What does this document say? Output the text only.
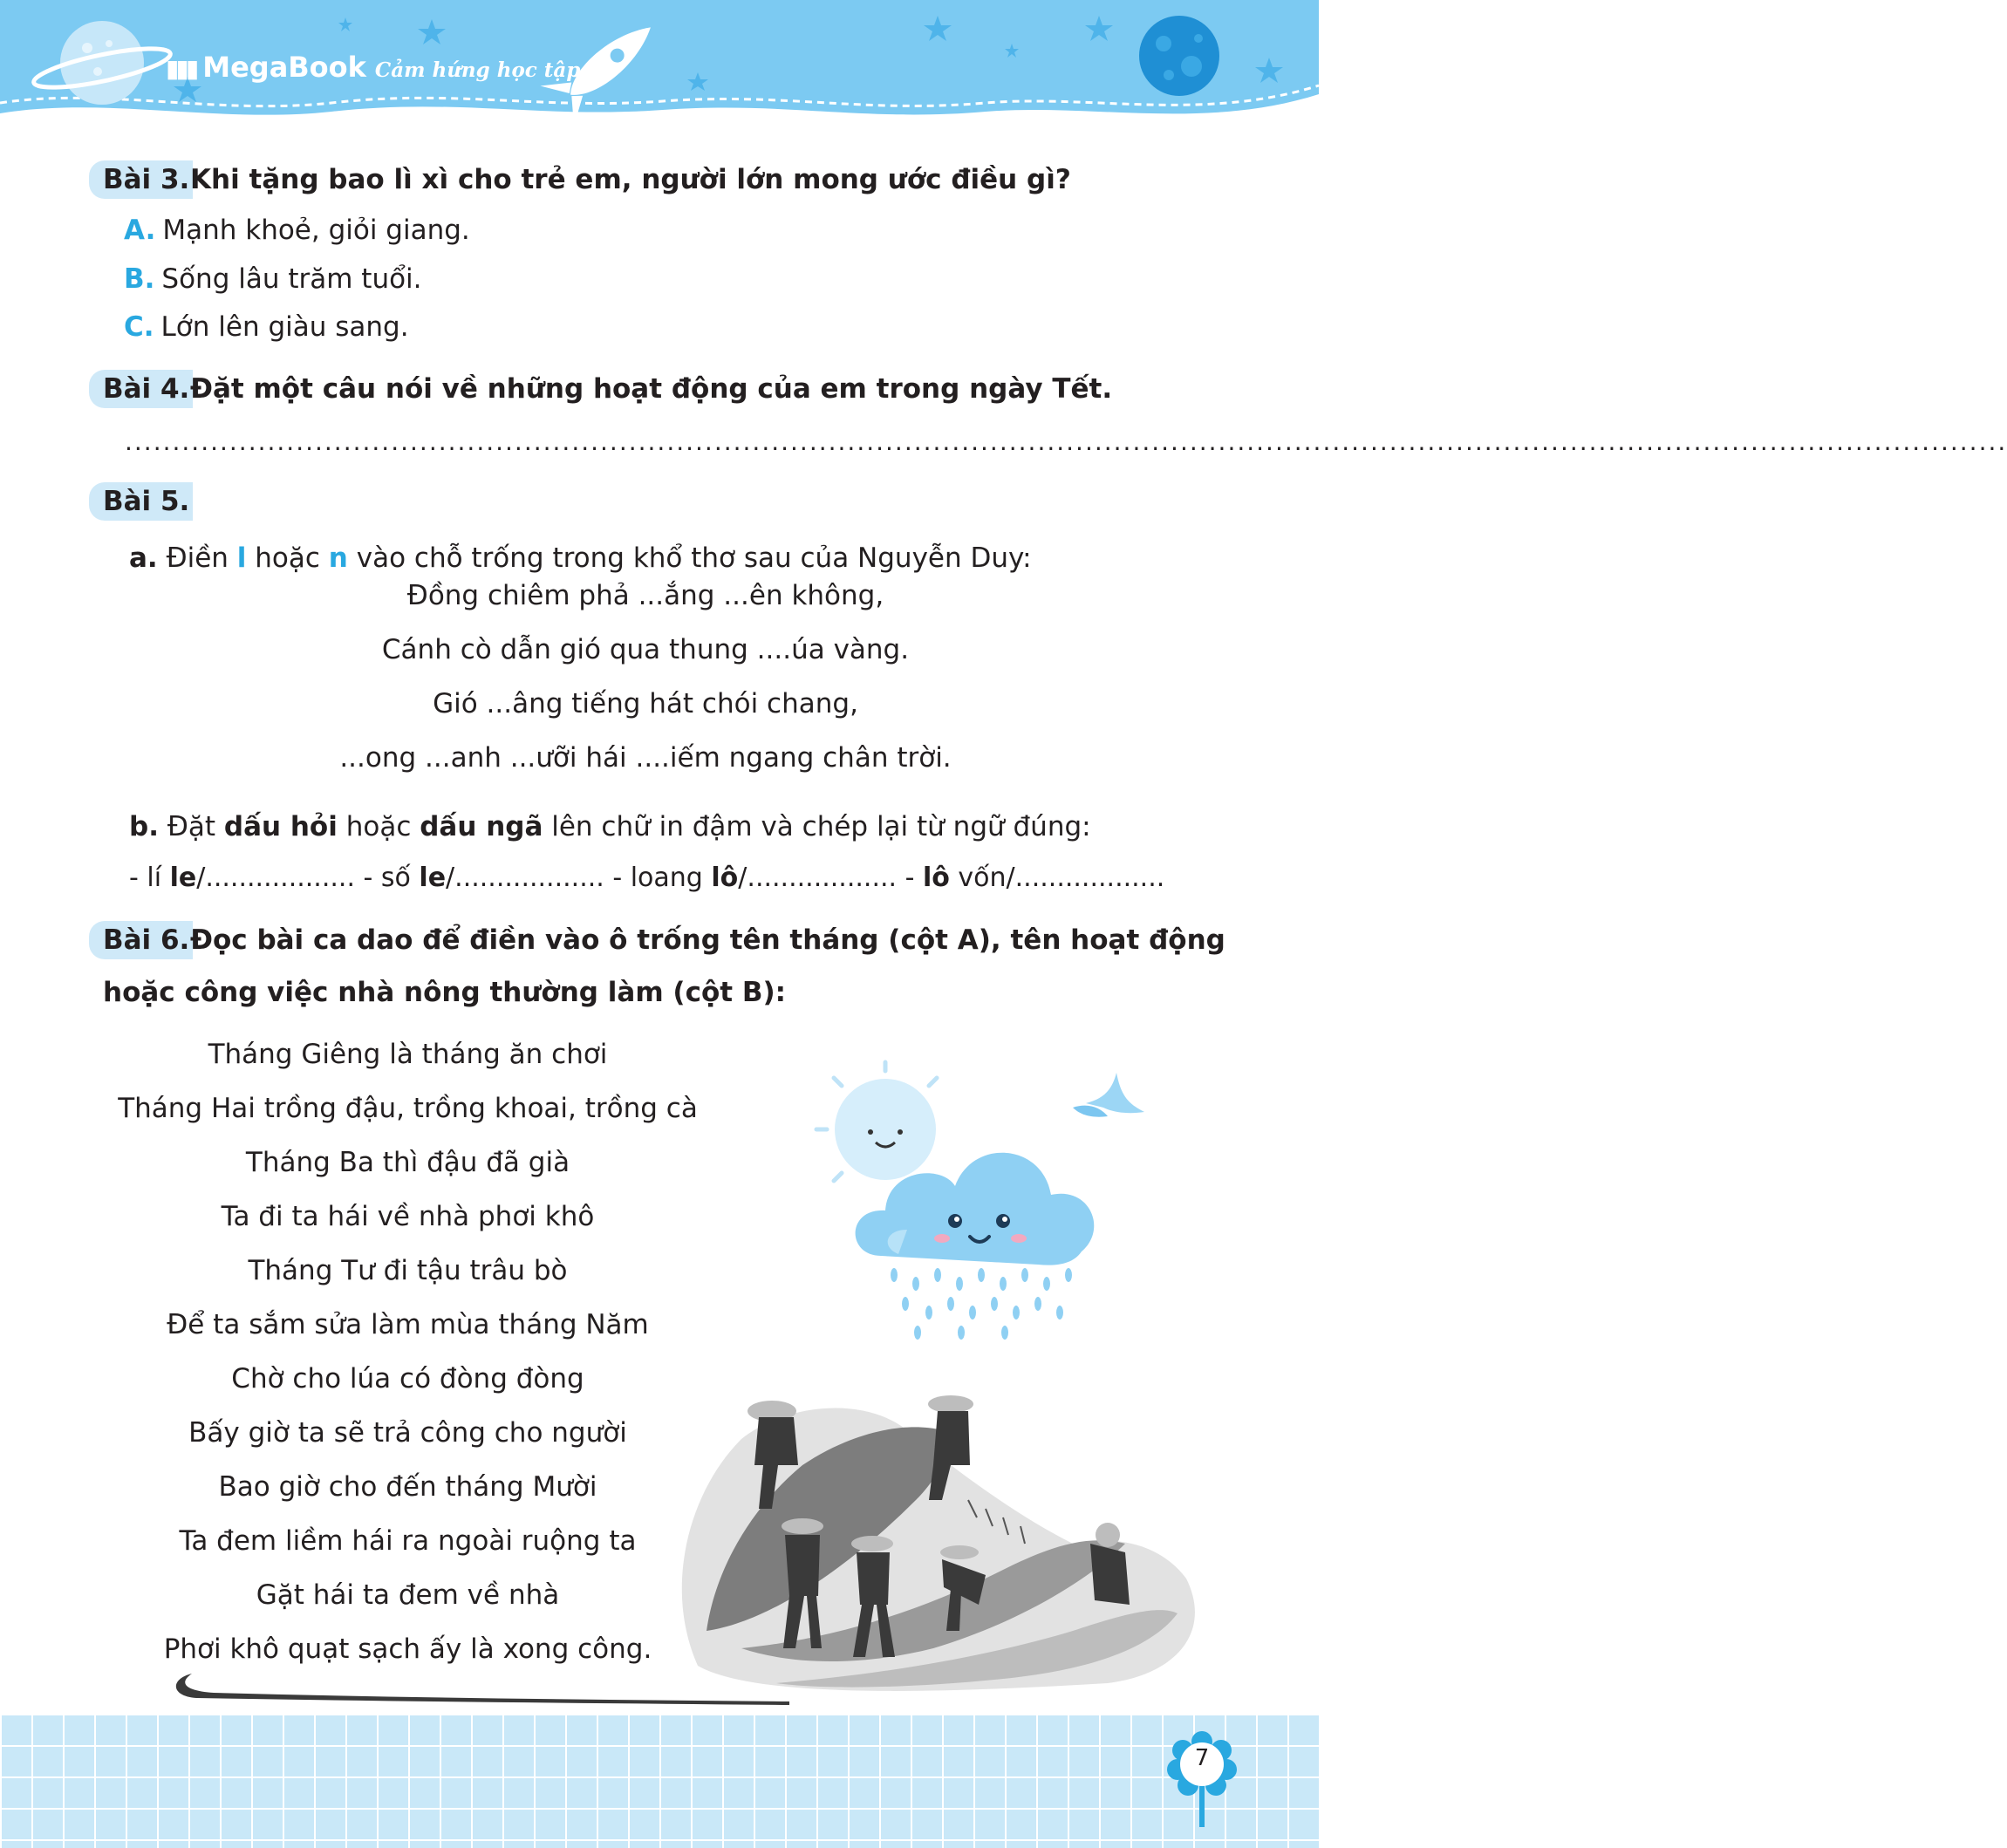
▮▮▮ MegaBook Cảm hứng học tập
Bài 3. Khi tặng bao lì xì cho trẻ em, người lớn mong ước điều gì?
A. Mạnh khoẻ, giỏi giang.
B. Sống lâu trăm tuổi.
C. Lớn lên giàu sang.
Bài 4. Đặt một câu nói về những hoạt động của em trong ngày Tết.
......................................................................................................................................................................................................
Bài 5.
a. Điền l hoặc n vào chỗ trống trong khổ thơ sau của Nguyễn Duy:
Đồng chiêm phả ...ắng ...ên không,
Cánh cò dẫn gió qua thung ....úa vàng.
Gió ...âng tiếng hát chói chang,
...ong ...anh ...ưỡi hái ....iếm ngang chân trời.
b. Đặt dấu hỏi hoặc dấu ngã lên chữ in đậm và chép lại từ ngữ đúng:
- lí le/.................. - số le/.................. - loang lô/.................. - lô vốn/..................
Bài 6. Đọc bài ca dao để điền vào ô trống tên tháng (cột A), tên hoạt động
hoặc công việc nhà nông thường làm (cột B):
Tháng Giêng là tháng ăn chơi
Tháng Hai trồng đậu, trồng khoai, trồng cà
Tháng Ba thì đậu đã già
Ta đi ta hái về nhà phơi khô
Tháng Tư đi tậu trâu bò
Để ta sắm sửa làm mùa tháng Năm
Chờ cho lúa có đòng đòng
Bấy giờ ta sẽ trả công cho người
Bao giờ cho đến tháng Mười
Ta đem liềm hái ra ngoài ruộng ta
Gặt hái ta đem về nhà
Phơi khô quạt sạch ấy là xong công.
7
